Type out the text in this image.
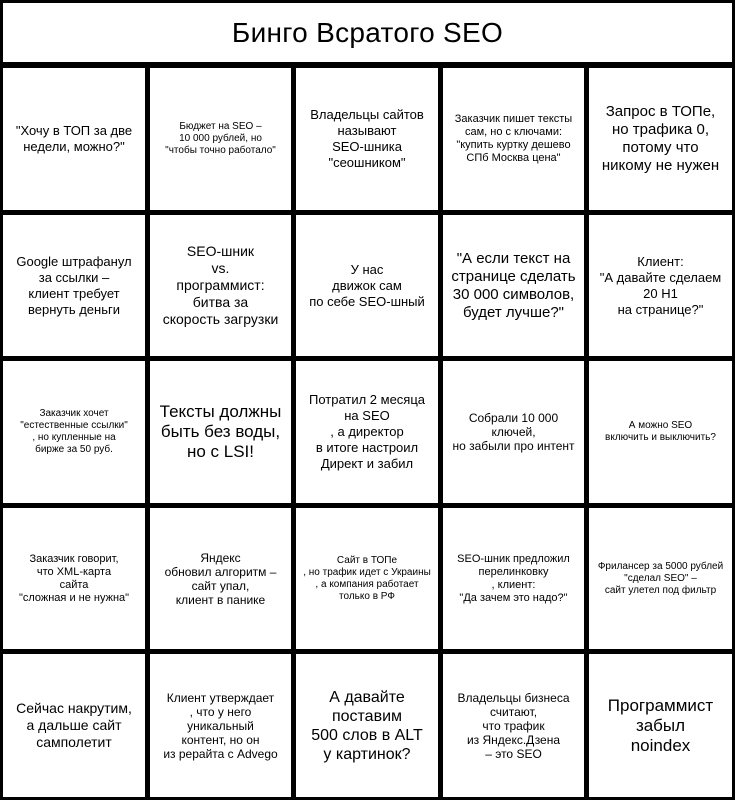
Бинго Всратого SEO
"Хочу в ТОП за две
недели, можно?"
Бюджет на SEO –
10 000 рублей, но
"чтобы точно работало"
Владельцы сайтов
называют
SEO-шника
"сеошником"
Заказчик пишет тексты
сам, но с ключами:
"купить куртку дешево
СПб Москва цена"
Запрос в ТОПе,
но трафика 0,
потому что
никому не нужен
Google штрафанул
за ссылки –
клиент требует
вернуть деньги
SEO-шник
vs.
программист:
битва за
скорость загрузки
У нас
движок сам
по себе SEO-шный
"А если текст на
странице сделать
30 000 символов,
будет лучше?"
Клиент:
"А давайте сделаем
20 H1
на странице?"
Заказчик хочет
"естественные ссылки"
, но купленные на
бирже за 50 руб.
Тексты должны
быть без воды,
но с LSI!
Потратил 2 месяца
на SEO
, а директор
в итоге настроил
Директ и забил
Собрали 10 000
ключей,
но забыли про интент
А можно SEO
включить и выключить?
Заказчик говорит,
что XML-карта
сайта
"сложная и не нужна"
Яндекс
обновил алгоритм –
сайт упал,
клиент в панике
Сайт в ТОПе
, но трафик идет с Украины
, а компания работает
только в РФ
SEO-шник предложил
перелинковку
, клиент:
"Да зачем это надо?"
Фрилансер за 5000 рублей
"сделал SEO" –
сайт улетел под фильтр
Сейчас накрутим,
а дальше сайт
самполетит
Клиент утверждает
, что у него
уникальный
контент, но он
из рерайта с Advego
А давайте
поставим
500 слов в ALT
у картинок?
Владельцы бизнеса
считают,
что трафик
из Яндекс.Дзена
– это SEO
Программист
забыл
noindex
